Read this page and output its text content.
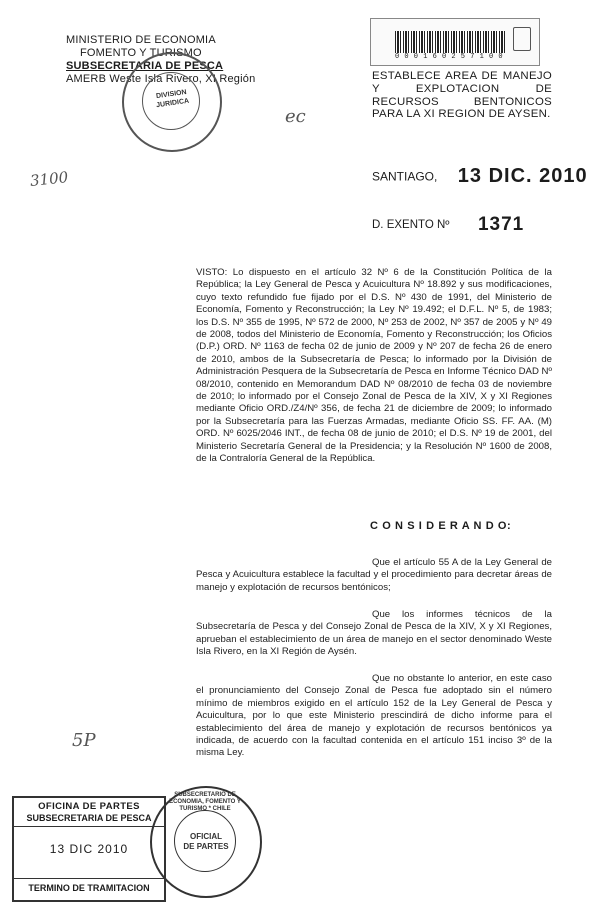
MINISTERIO DE ECONOMIA
FOMENTO Y TURISMO
SUBSECRETARIA DE PESCA
AMERB Weste Isla Rivero, XI Región
DIVISION JURIDICA
3100
ec
5P
0 0 0 1 6 0 2 5 7 1 0 0
ESTABLECE AREA DE MANEJO Y EXPLOTACION DE RECURSOS BENTONICOS PARA LA XI REGION DE AYSEN.
SANTIAGO, 13 DIC. 2010
D. EXENTO Nº 1371

VISTO: Lo dispuesto en el artículo 32 Nº 6 de la Constitución Política de la República; la Ley General de Pesca y Acuicultura Nº 18.892 y sus modificaciones, cuyo texto refundido fue fijado por el D.S. Nº 430 de 1991, del Ministerio de Economía, Fomento y Reconstrucción; la Ley Nº 19.492; el D.F.L. Nº 5, de 1983; los D.S. Nº 355 de 1995, Nº 572 de 2000, Nº 253 de 2002, Nº 357 de 2005 y Nº 49 de 2008, todos del Ministerio de Economía, Fomento y Reconstrucción; los Oficios (D.P.) ORD. Nº 1163 de fecha 02 de junio de 2009 y Nº 207 de fecha 26 de enero de 2010, ambos de la Subsecretaría de Pesca; lo informado por la División de Administración Pesquera de la Subsecretaría de Pesca en Informe Técnico DAD Nº 08/2010, contenido en Memorandum DAD Nº 08/2010 de fecha 03 de noviembre de 2010; lo informado por el Consejo Zonal de Pesca de la XIV, X y XI Regiones mediante Oficio ORD./Z4/Nº 356, de fecha 21 de diciembre de 2009; lo informado por la Subsecretaría para las Fuerzas Armadas, mediante Oficio SS. FF. AA. (M) ORD. Nº 6025/2046 INT., de fecha 08 de junio de 2010; el D.S. Nº 19 de 2001, del Ministerio Secretaría General de la Presidencia; y la Resolución Nº 1600 de 2008, de la Contraloría General de la República.

C O N S I D E R A N D O:

Que el artículo 55 A de la Ley General de Pesca y Acuicultura establece la facultad y el procedimiento para decretar áreas de manejo y explotación de recursos bentónicos;

Que los informes técnicos de la Subsecretaría de Pesca y del Consejo Zonal de Pesca de la XIV, X y XI Regiones, aprueban el establecimiento de un área de manejo en el sector denominado Weste Isla Rivero, en la XI Región de Aysén.

Que no obstante lo anterior, en este caso el pronunciamiento del Consejo Zonal de Pesca fue adoptado sin el número mínimo de miembros exigido en el artículo 152 de la Ley General de Pesca y Acuicultura, por lo que este Ministerio prescindirá de dicho informe para el establecimiento del área de manejo y explotación de recursos bentónicos ya indicada, de acuerdo con la facultad contenida en el artículo 151 inciso 3º de la misma Ley.

OFICINA DE PARTES
SUBSECRETARIA DE PESCA
13 DIC 2010
TERMINO DE TRAMITACION
SUBSECRETARIO DE ECONOMIA, FOMENTO Y TURISMO * CHILE
OFICIAL
DE PARTES
